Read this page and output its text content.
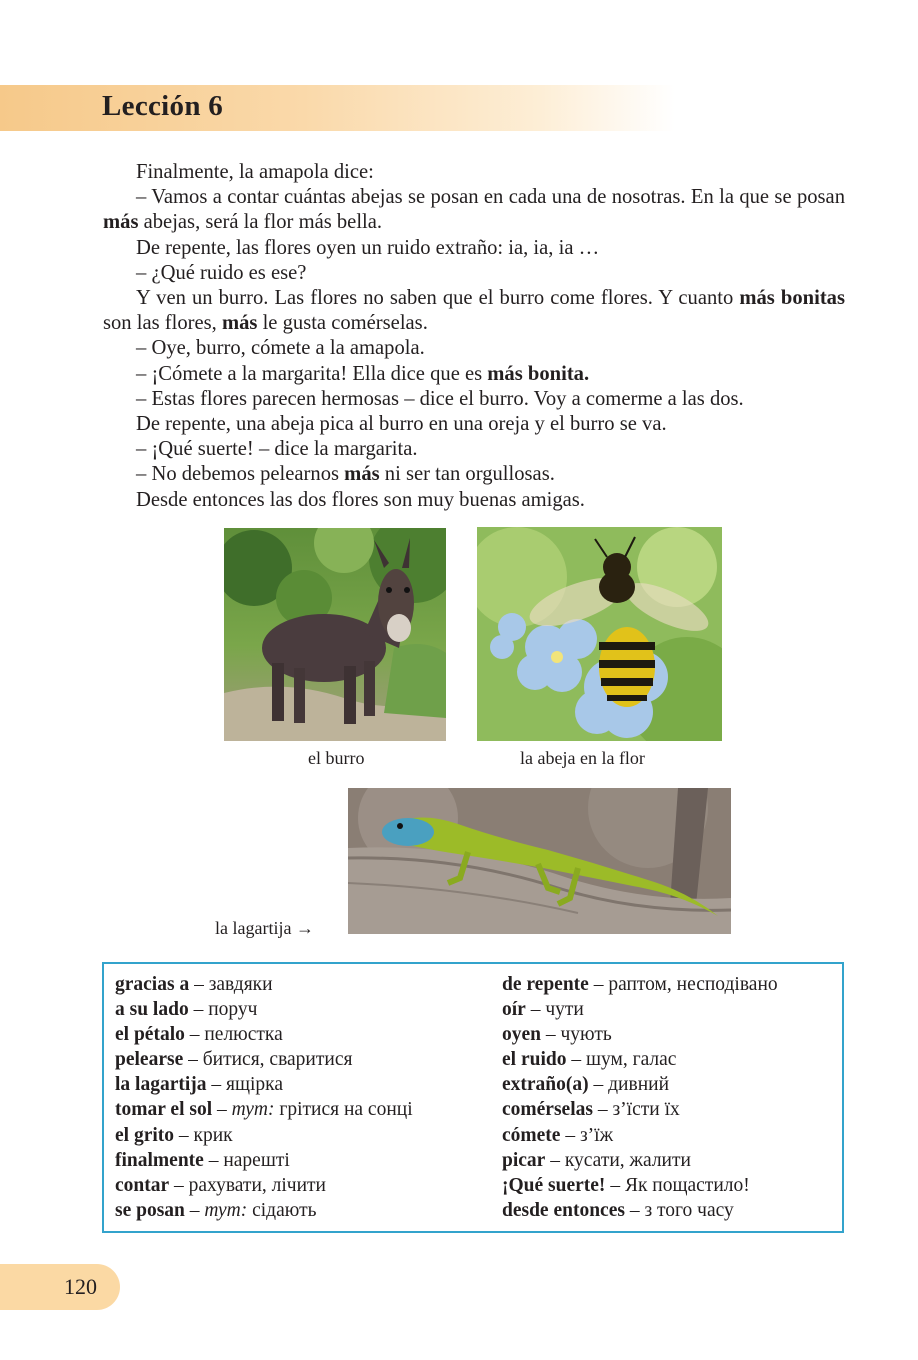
Lección 6

Finalmente, la amapola dice:

– Vamos a contar cuántas abejas se posan en cada una de nosotras. En la que se posan más abejas, será la flor más bella.

De repente, las flores oyen un ruido extraño: ia, ia, ia …

– ¿Qué ruido es ese?

Y ven un burro. Las flores no saben que el burro come flores. Y cuanto más bonitas son las flores, más le gusta comérselas.

– Oye, burro, cómete a la amapola.

– ¡Cómete a la margarita! Ella dice que es más bonita.

– Estas flores parecen hermosas – dice el burro. Voy a comerme a las dos.

De repente, una abeja pica al burro en una oreja y el burro se va.

– ¡Qué suerte! – dice la margarita.

– No debemos pelearnos más ni ser tan orgullosas.

Desde entonces las dos flores son muy buenas amigas.

el burro	la abeja en la flor
la lagartija →
gracias a – завдяки
a su lado – поруч
el pétalo – пелюстка
pelearse – битися, сваритися
la lagartija – ящірка
tomar el sol – тут: грітися на сонці
el grito – крик
finalmente – нарешті
contar – рахувати, лічити
se posan – тут: сідають
de repente – раптом, несподівано
oír – чути
oyen – чують
el ruido – шум, галас
extraño(a) – дивний
comérselas – з’їсти їх
cómete – з’їж
picar – кусати, жалити
¡Qué suerte! – Як пощастило!
desde entonces – з того часу
120
